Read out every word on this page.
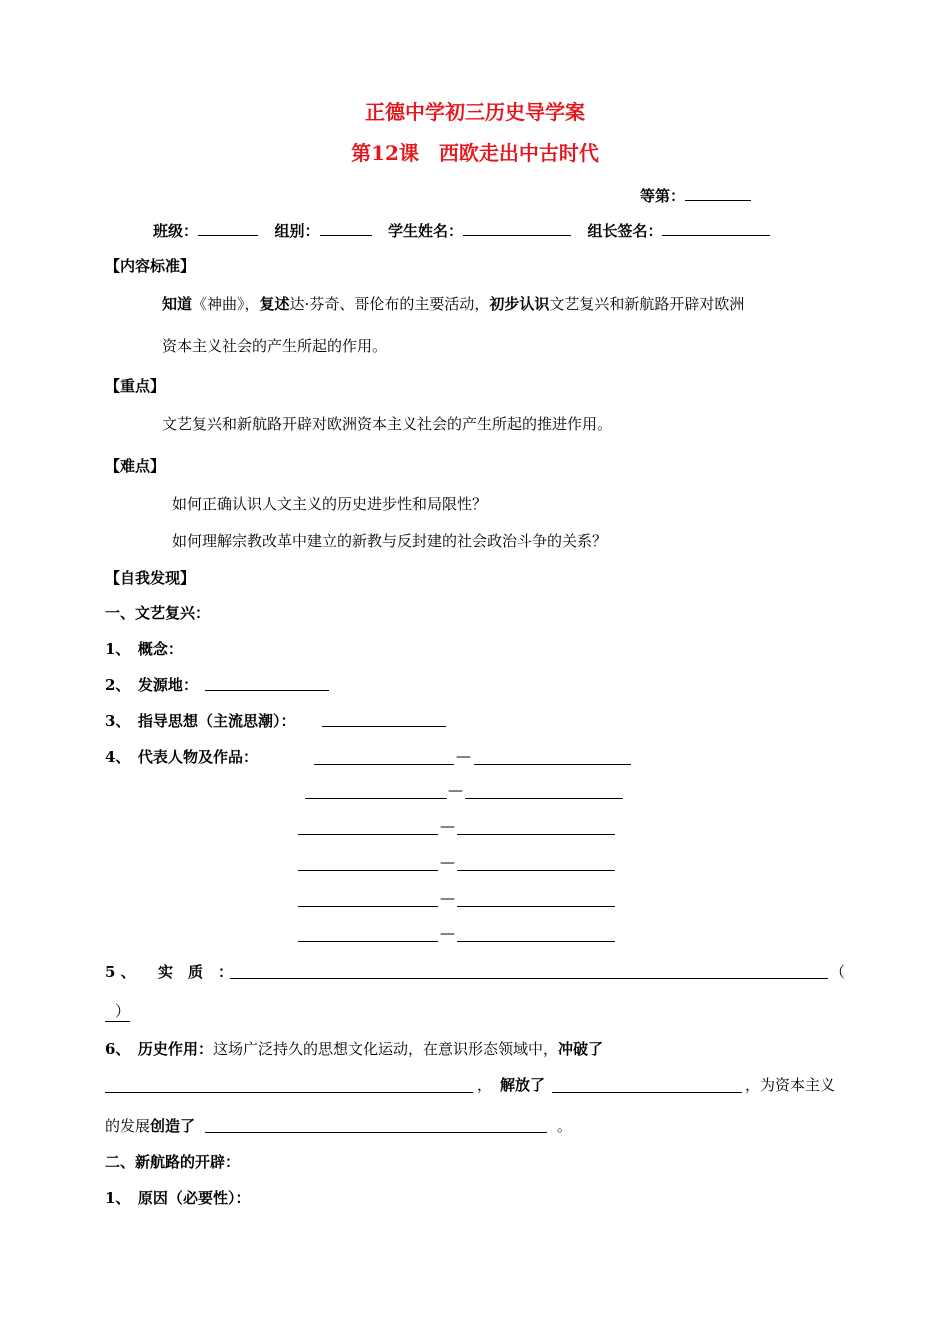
正德中学初三历史导学案
第12课　西欧走出中古时代
等第：
班级：	组别：	学生姓名：	组长签名：
【内容标准】
知道《神曲》，复述达·芬奇、哥伦布的主要活动，初步认识文艺复兴和新航路开辟对欧洲
资本主义社会的产生所起的作用。
【重点】
文艺复兴和新航路开辟对欧洲资本主义社会的产生所起的推进作用。
【难点】
如何正确认识人文主义的历史进步性和局限性？
如何理解宗教改革中建立的新教与反封建的社会政治斗争的关系？
【自我发现】
一、文艺复兴：
1、　概念：
2、　发源地：
3、　指导思想（主流思潮）：
4、　代表人物及作品：	—
—
—
—
—
—
5 、 实　质　：	（
）
6、　历史作用：这场广泛持久的思想文化运动，在意识形态领域中，冲破了
， 解放了	，为资本主义
的发展创造了	。
二、新航路的开辟：
1、　原因（必要性）：
